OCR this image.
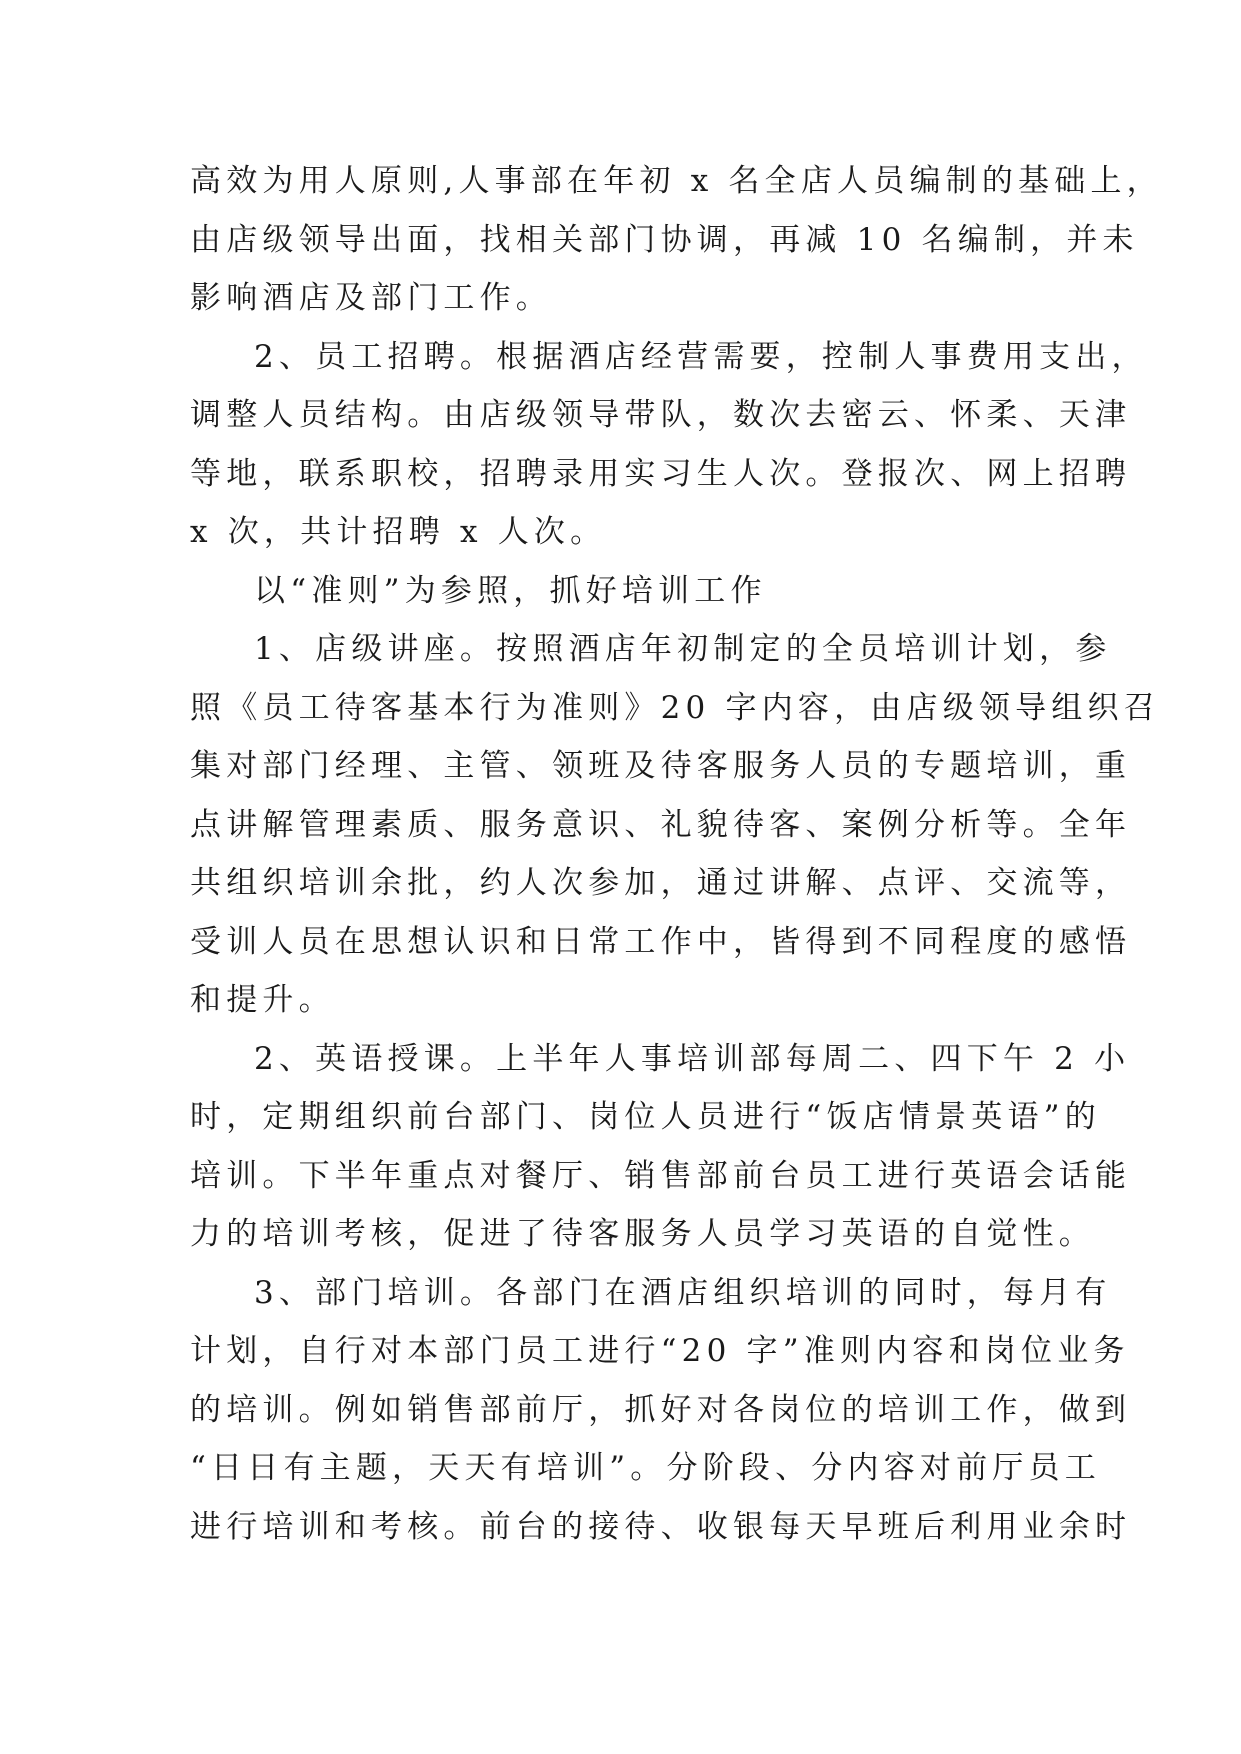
高效为用人原则,人事部在年初 x 名全店人员编制的基础上，
由店级领导出面，找相关部门协调，再减 10 名编制，并未
影响酒店及部门工作。
2、员工招聘。根据酒店经营需要，控制人事费用支出，
调整人员结构。由店级领导带队，数次去密云、怀柔、天津
等地，联系职校，招聘录用实习生人次。登报次、网上招聘
x 次，共计招聘 x 人次。
以“准则”为参照，抓好培训工作
1、店级讲座。按照酒店年初制定的全员培训计划，参
照《员工待客基本行为准则》20 字内容，由店级领导组织召
集对部门经理、主管、领班及待客服务人员的专题培训，重
点讲解管理素质、服务意识、礼貌待客、案例分析等。全年
共组织培训余批，约人次参加，通过讲解、点评、交流等，
受训人员在思想认识和日常工作中，皆得到不同程度的感悟
和提升。
2、英语授课。上半年人事培训部每周二、四下午 2 小
时，定期组织前台部门、岗位人员进行“饭店情景英语”的
培训。下半年重点对餐厅、销售部前台员工进行英语会话能
力的培训考核，促进了待客服务人员学习英语的自觉性。
3、部门培训。各部门在酒店组织培训的同时，每月有
计划，自行对本部门员工进行“20 字”准则内容和岗位业务
的培训。例如销售部前厅，抓好对各岗位的培训工作，做到
“日日有主题，天天有培训”。分阶段、分内容对前厅员工
进行培训和考核。前台的接待、收银每天早班后利用业余时
